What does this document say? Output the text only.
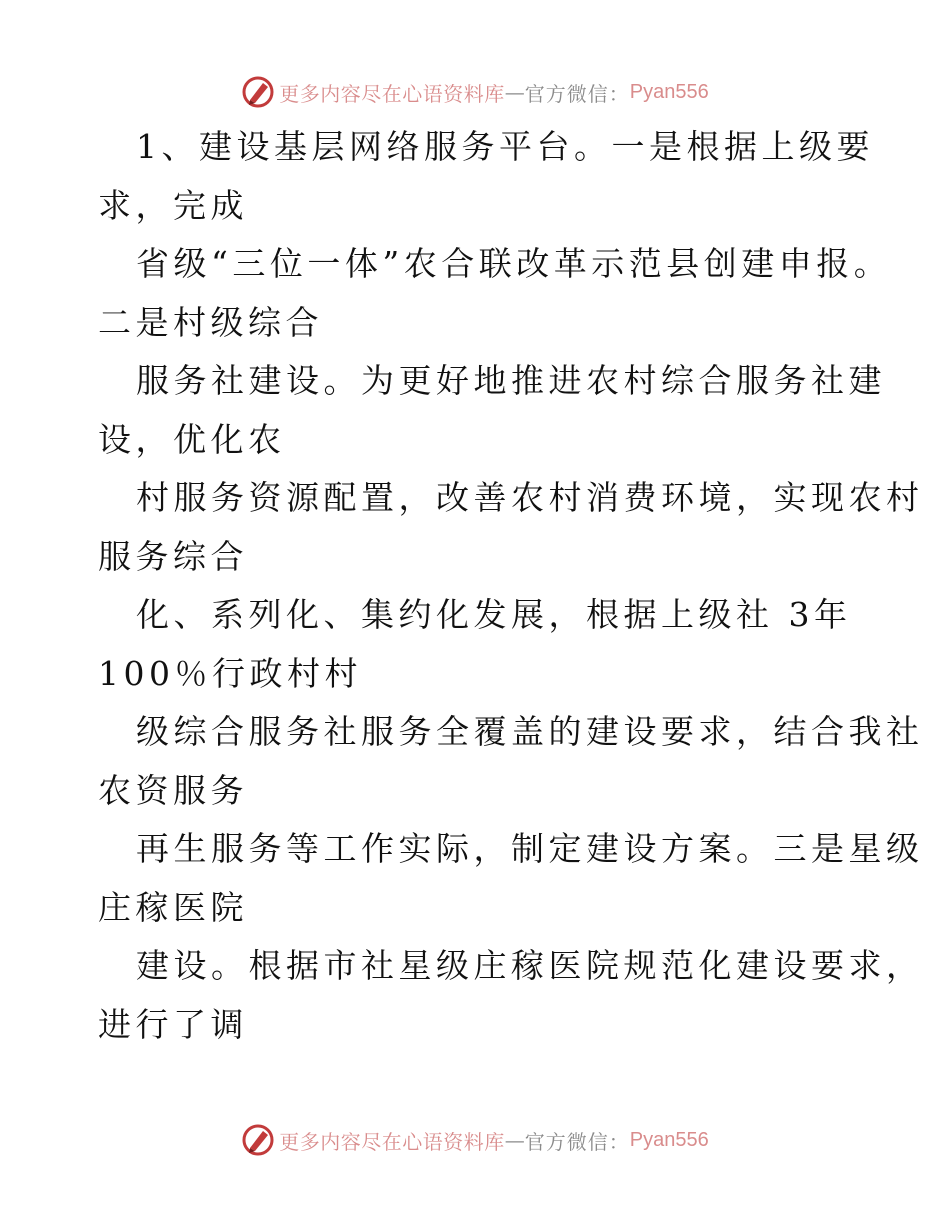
更多内容尽在心语资料库 — 官方微信： Pyan556
1、建设基层网络服务平台。一是根据上级要
求，完成
省级“三位一体”农合联改革示范县创建申报。
二是村级综合
服务社建设。为更好地推进农村综合服务社建
设，优化农
村服务资源配置，改善农村消费环境，实现农村
服务综合
化、系列化、集约化发展，根据上级社 3年
100％行政村村
级综合服务社服务全覆盖的建设要求，结合我社
农资服务
再生服务等工作实际，制定建设方案。三是星级
庄稼医院
建设。根据市社星级庄稼医院规范化建设要求，
进行了调
更多内容尽在心语资料库 — 官方微信： Pyan556
